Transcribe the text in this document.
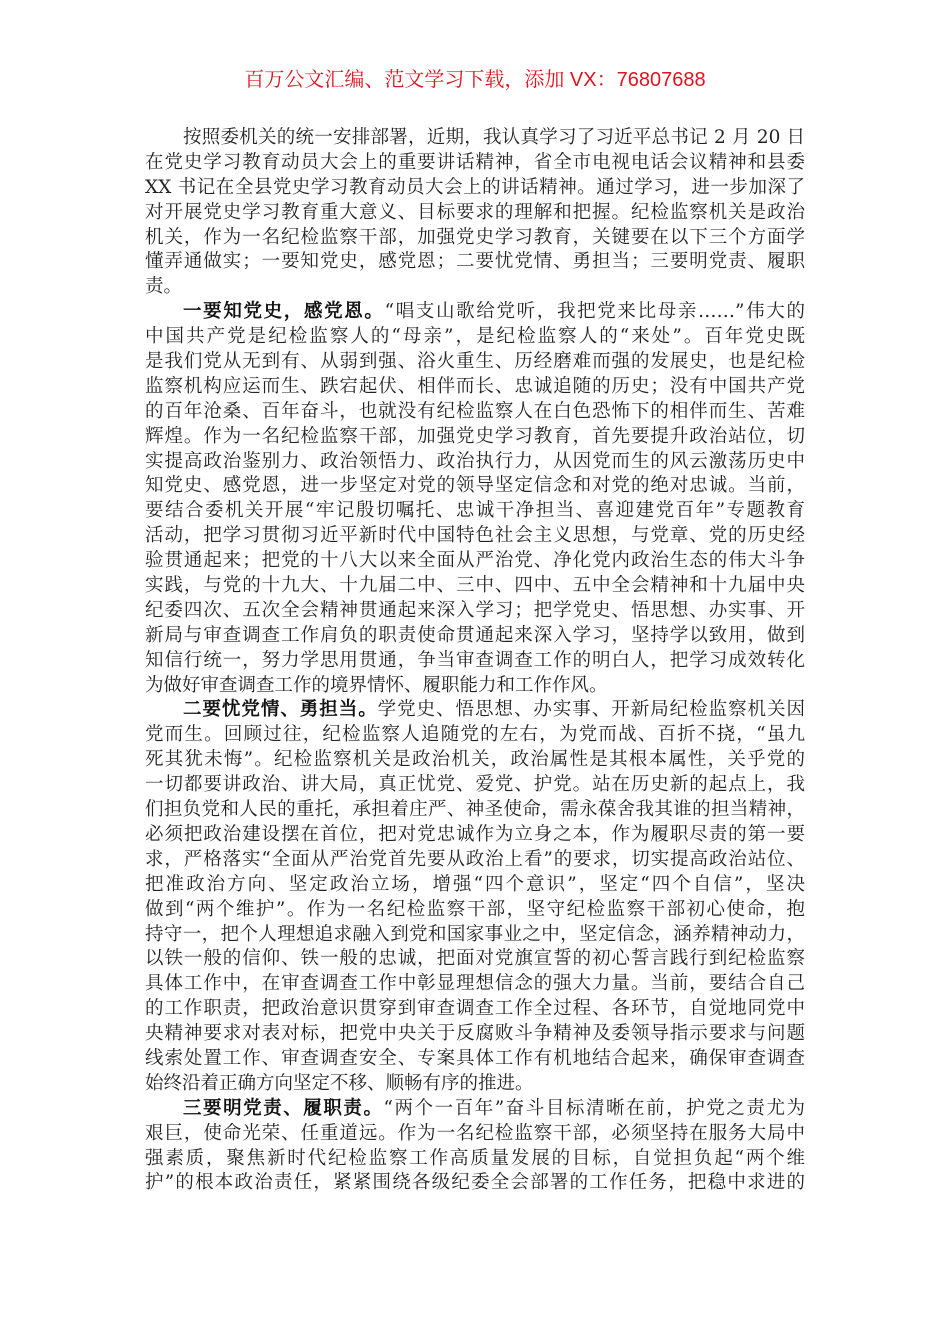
百万公文汇编、范文学习下载，添加 VX：76807688
按照委机关的统一安排部署，近期，我认真学习了习近平总书记 2 月 20 日
在党史学习教育动员大会上的重要讲话精神，省全市电视电话会议精神和县委
XX 书记在全县党史学习教育动员大会上的讲话精神。通过学习，进一步加深了
对开展党史学习教育重大意义、目标要求的理解和把握。纪检监察机关是政治
机关，作为一名纪检监察干部，加强党史学习教育，关键要在以下三个方面学
懂弄通做实；一要知党史，感党恩；二要忧党情、勇担当；三要明党责、履职
责。
一要知党史，感党恩。“唱支山歌给党听，我把党来比母亲……”伟大的
中国共产党是纪检监察人的“母亲”，是纪检监察人的“来处”。百年党史既
是我们党从无到有、从弱到强、浴火重生、历经磨难而强的发展史，也是纪检
监察机构应运而生、跌宕起伏、相伴而长、忠诚追随的历史；没有中国共产党
的百年沧桑、百年奋斗，也就没有纪检监察人在白色恐怖下的相伴而生、苦难
辉煌。作为一名纪检监察干部，加强党史学习教育，首先要提升政治站位，切
实提高政治鉴别力、政治领悟力、政治执行力，从因党而生的风云激荡历史中
知党史、感党恩，进一步坚定对党的领导坚定信念和对党的绝对忠诚。当前，
要结合委机关开展“牢记殷切嘱托、忠诚干净担当、喜迎建党百年”专题教育
活动，把学习贯彻习近平新时代中国特色社会主义思想，与党章、党的历史经
验贯通起来；把党的十八大以来全面从严治党、净化党内政治生态的伟大斗争
实践，与党的十九大、十九届二中、三中、四中、五中全会精神和十九届中央
纪委四次、五次全会精神贯通起来深入学习；把学党史、悟思想、办实事、开
新局与审查调查工作肩负的职责使命贯通起来深入学习，坚持学以致用，做到
知信行统一，努力学思用贯通，争当审查调查工作的明白人，把学习成效转化
为做好审查调查工作的境界情怀、履职能力和工作作风。
二要忧党情、勇担当。学党史、悟思想、办实事、开新局纪检监察机关因
党而生。回顾过往，纪检监察人追随党的左右，为党而战、百折不挠，“虽九
死其犹未悔”。纪检监察机关是政治机关，政治属性是其根本属性，关乎党的
一切都要讲政治、讲大局，真正忧党、爱党、护党。站在历史新的起点上，我
们担负党和人民的重托，承担着庄严、神圣使命，需永葆舍我其谁的担当精神，
必须把政治建设摆在首位，把对党忠诚作为立身之本，作为履职尽责的第一要
求，严格落实“全面从严治党首先要从政治上看”的要求，切实提高政治站位、
把准政治方向、坚定政治立场，增强“四个意识”，坚定“四个自信”，坚决
做到“两个维护”。作为一名纪检监察干部，坚守纪检监察干部初心使命，抱
持守一，把个人理想追求融入到党和国家事业之中，坚定信念，涵养精神动力，
以铁一般的信仰、铁一般的忠诚，把面对党旗宣誓的初心誓言践行到纪检监察
具体工作中，在审查调查工作中彰显理想信念的强大力量。当前，要结合自己
的工作职责，把政治意识贯穿到审查调查工作全过程、各环节，自觉地同党中
央精神要求对表对标，把党中央关于反腐败斗争精神及委领导指示要求与问题
线索处置工作、审查调查安全、专案具体工作有机地结合起来，确保审查调查
始终沿着正确方向坚定不移、顺畅有序的推进。
三要明党责、履职责。“两个一百年”奋斗目标清晰在前，护党之责尤为
艰巨，使命光荣、任重道远。作为一名纪检监察干部，必须坚持在服务大局中
强素质，聚焦新时代纪检监察工作高质量发展的目标，自觉担负起“两个维
护”的根本政治责任，紧紧围绕各级纪委全会部署的工作任务，把稳中求进的
